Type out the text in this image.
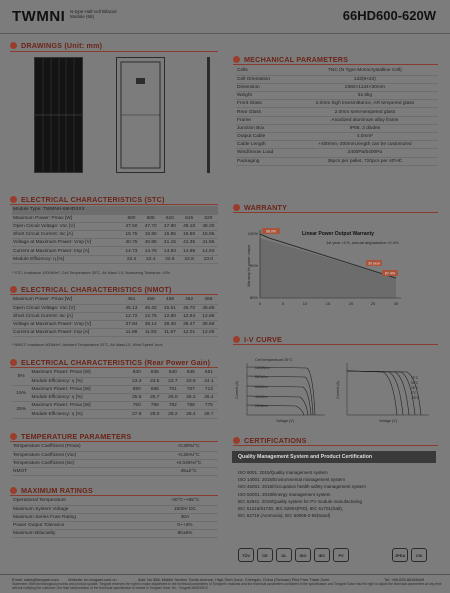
TWMNI N-type Half-cell Bifacial Module (66)	66HD600-620W
DRAWINGS (Unit: mm)
MECHANICAL PARAMETERS
Cells	TNC (N Type Monocrystalline Cell)
Cell Orientation	132(6×22)
Dimension	2382×1134×30mm
Weight	32.6kg
Front Glass	2.0mm high transmittance, AR tempered glass
Rear Glass	2.0mm semi-tempered glass
Frame	Anodized aluminum alloy frame
Junction Box	IP68, 3 diodes
Output Cable	4.0mm²
Cable Length	+400mm,-200mm,length can be customized
Wind/Snow Load	2400Pa/5400Pa
Packaging	36pcs per pallet, 720pcs per 40'HC
ELECTRICAL CHARACTERISTICS (STC)
Module Type: TWMNH-66HDXXX					
Maximum Power: Pmax [W]	600	605	610	615	620
Open Circuit Voltage: Voc [V]	47.50	47.70	47.90	48.10	48.30
Short Circuit Current: Isc [A]	15.75	15.80	15.85	15.90	15.95
Voltage at Maximum Power: Vmp [V]	40.75	40.95	41.15	41.35	41.55
Current at Maximum Power: Imp [A]	14.73	14.78	14.83	14.88	14.93
Module Efficiency: η [%]	22.2	22.4	22.6	22.8	23.0
* STC: Irradiance 1000W/m², Cell Temperature 25°C, Air Mass 1.5, Measuring Tolerance: ±3%
ELECTRICAL CHARACTERISTICS (NMOT)
Maximum Power: Pmax [W]	451	455	459	462	466
Open Circuit Voltage: Voc [V]	45.13	45.32	45.51	45.70	45.89
Short Circuit Current: Isc [A]	12.72	12.76	12.80	12.84	12.88
Voltage at Maximum Power: Vmp [V]	37.94	38.14	38.35	38.47	38.68
Current at Maximum Power: Imp [A]	11.89	11.93	11.97	12.01	12.05
* NMOT: Irradiance 800W/m², Ambient Temperature 20°C, Air Mass1.5, Wind Speed 1m/s
ELECTRICAL CHARACTERISTICS (Rear Power Gain)
5%	Maximum Power: Pmax [W]	630	635	640	645	651
	Module Efficiency: η [%]	23.3	23.5	23.7	23.9	24.1
15%	Maximum Power: Pmax [W]	690	695	701	707	713
	Module Efficiency: η [%]	25.5	25.7	26.0	26.2	26.4
25%	Maximum Power: Pmax [W]	750	756	762	768	775
	Module Efficiency: η [%]	27.8	28.0	28.2	28.4	28.7
TEMPERATURE PARAMETERS
Temperature Coefficient (Pmax)	-0.29%/°C
Temperature Coefficient (Voc)	-0.25%/°C
Temperature Coefficient (Isc)	+0.045%/°C
NMOT	45±2°C
MAXIMUM RATINGS
Operational Temperature	-40°C~+85°C
Maximum System Voltage	1500V DC
Maximum Series Fuse Rating	30A
Power Output Tolerance	0~+3%
Maximum Bifaciality	80±5%
WARRANTY
100%
90%
80%
0	5	10	15	20	25	30
Warranty for power output
Linear Power Output Warranty
1st year <1%, annual degradation <0.4%
98.0%
30 year
87.4%
I-V CURVE
Cell temperature 25°C
1000W/m²
800W/m²
600W/m²
400W/m²
200W/m²
Voltage (V)
Current (A)
75°C
50°C
25°C
0°C
-25°C
Voltage (V)
Current (A)
CERTIFICATIONS
Quality Management System and Product Certification
ISO 9001: 2015/Quality management system
ISO 14001: 2015/Environmental management system
ISO 45001: 2018/Occupation health safety management system
ISO 50001: 2018/Energy management system
IEC 62941: 2019/Quality system for PV module manufacturing
IEC 61215/61730, IEC 62804(PID), IEC 61701(Salt),
IEC 62716 (Ammonia), IEC 60068-2-68(Sand)
TÜV	CE	UL	ISO	IEC	PV	JPEA	CSI
Email: sales@tongwei.com Website: en.tongwei.com.cn	Add: No.588, Middle Section Tianfu Avenue, High-Tech Zone, Chengdu, China (Sichuan) Pilot Free Trade Zone	Tel: +86-028-86168449
Statement: With technological process and product update, Tongwei reserves the right to make adjustment to the technical parameters of Tongwei's modules and the technical parameters contained in the specification and Tongwei Solar has the right to adjust the technical parameters at any time without notifying the customer; the final interpretation of the technical specification is vested in Tongwei Solar. No.: Tongwei-66HD0910
